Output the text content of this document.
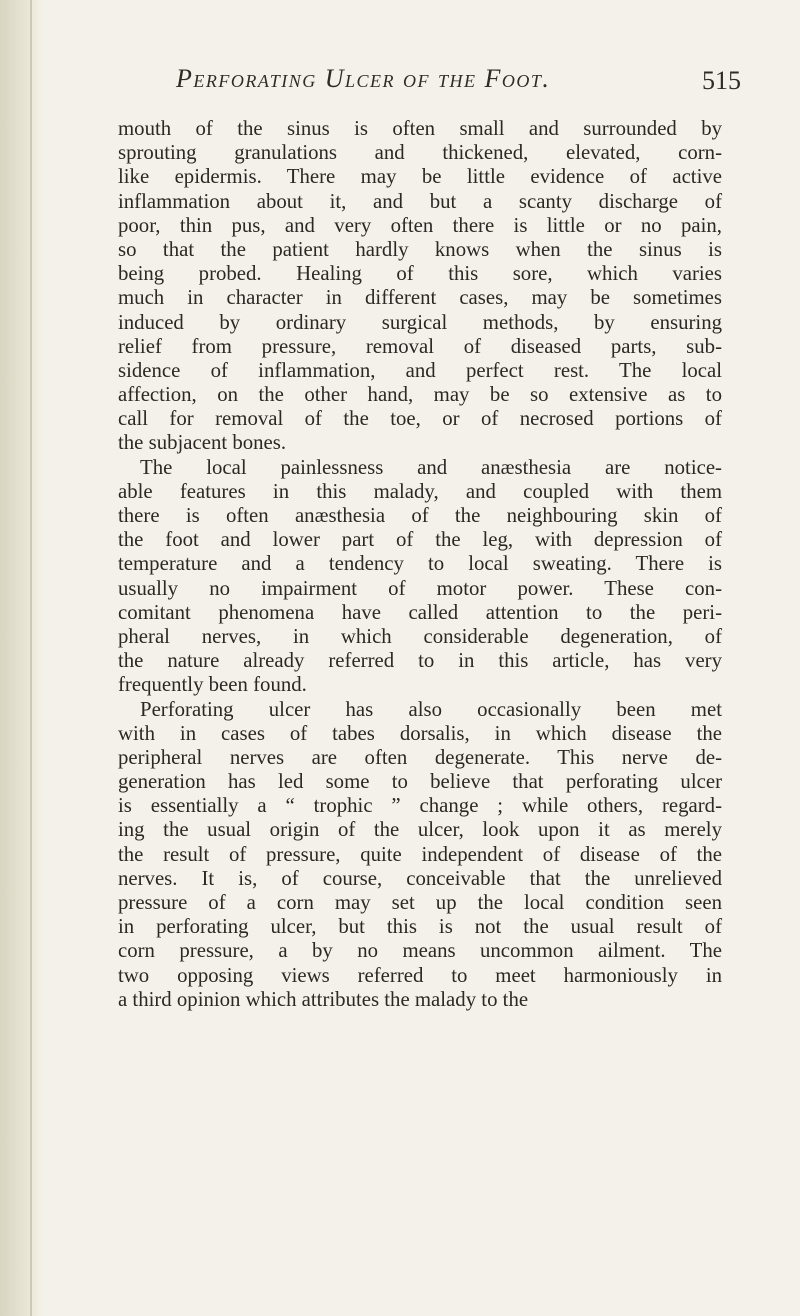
Perforating Ulcer of the Foot.	515
mouth of the sinus is often small and surrounded by
sprouting granulations and thickened, elevated, corn-
like epidermis. There may be little evidence of active
inflammation about it, and but a scanty discharge of
poor, thin pus, and very often there is little or no pain,
so that the patient hardly knows when the sinus is
being probed. Healing of this sore, which varies
much in character in different cases, may be sometimes
induced by ordinary surgical methods, by ensuring
relief from pressure, removal of diseased parts, sub-
sidence of inflammation, and perfect rest. The local
affection, on the other hand, may be so extensive as to
call for removal of the toe, or of necrosed portions of
the subjacent bones.
The local painlessness and anæsthesia are notice-
able features in this malady, and coupled with them
there is often anæsthesia of the neighbouring skin of
the foot and lower part of the leg, with depression of
temperature and a tendency to local sweating. There is
usually no impairment of motor power. These con-
comitant phenomena have called attention to the peri-
pheral nerves, in which considerable degeneration, of
the nature already referred to in this article, has very
frequently been found.
Perforating ulcer has also occasionally been met
with in cases of tabes dorsalis, in which disease the
peripheral nerves are often degenerate. This nerve de-
generation has led some to believe that perforating ulcer
is essentially a “ trophic ” change ; while others, regard-
ing the usual origin of the ulcer, look upon it as merely
the result of pressure, quite independent of disease of the
nerves. It is, of course, conceivable that the unrelieved
pressure of a corn may set up the local condition seen
in perforating ulcer, but this is not the usual result of
corn pressure, a by no means uncommon ailment. The
two opposing views referred to meet harmoniously in
a third opinion which attributes the malady to the
